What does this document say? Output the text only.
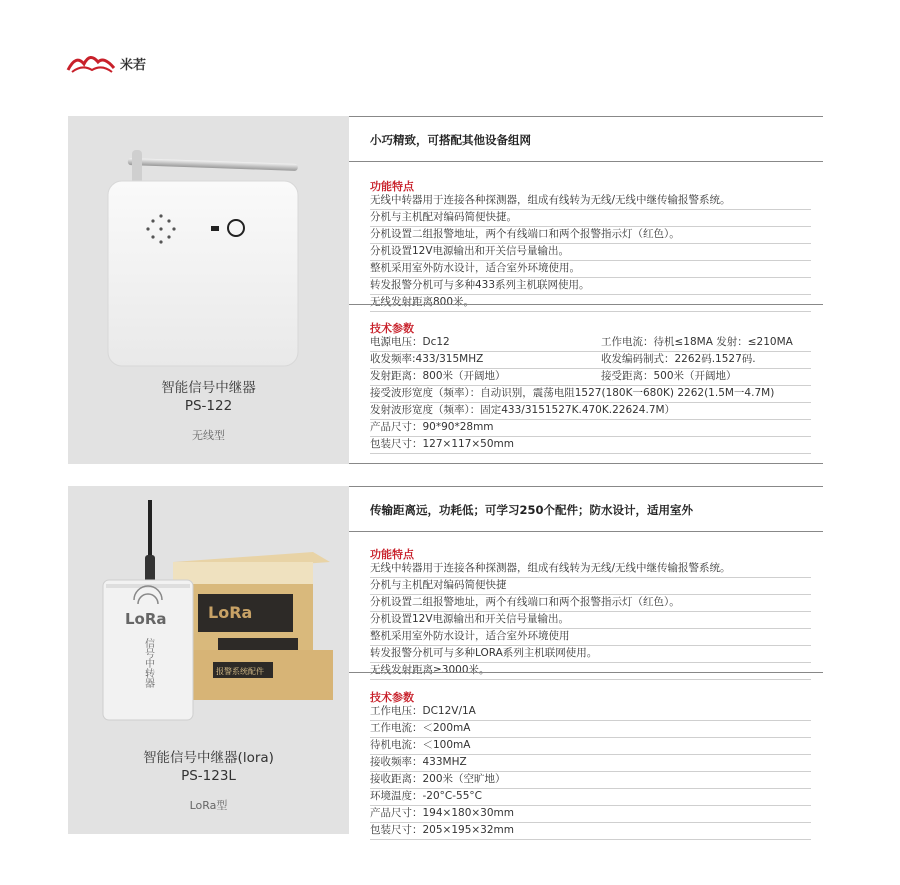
米若
智能信号中继器
PS-122
无线型
小巧精致，可搭配其他设备组网
功能特点
无线中转器用于连接各种探测器，组成有线转为无线/无线中继传输报警系统。
分机与主机配对编码简便快捷。
分机设置二组报警地址，两个有线端口和两个报警指示灯（红色）。
分机设置12V电源输出和开关信号量输出。
整机采用室外防水设计，适合室外环境使用。
转发报警分机可与多种433系列主机联网使用。
无线发射距离800米。
技术参数
电源电压：Dc12	工作电流：待机≤18MA 发射：≤210MA
收发频率:433/315MHZ	收发编码制式：2262码.1527码.
发射距离：800米（开阔地）	接受距离：500米（开阔地）
接受波形宽度（频率）：自动识别，震荡电阻1527(180K一680K) 2262(1.5M一4.7M)
发射波形宽度（频率）：固定433/3151527K.470K.22624.7M）
产品尺寸：90*90*28mm
包装尺寸：127×117×50mm
LoRa
报警系统配件
LoRa
信号中转器
智能信号中继器(lora)
PS-123L
LoRa型
传输距离远，功耗低；可学习250个配件；防水设计，适用室外
功能特点
无线中转器用于连接各种探测器，组成有线转为无线/无线中继传输报警系统。
分机与主机配对编码简便快捷
分机设置二组报警地址，两个有线端口和两个报警指示灯（红色）。
分机设置12V电源输出和开关信号量输出。
整机采用室外防水设计，适合室外环境使用
转发报警分机可与多种LORA系列主机联网使用。
无线发射距离≥3000米。
技术参数
工作电压：DC12V/1A
工作电流：＜200mA
待机电流：＜100mA
接收频率：433MHZ
接收距离：200米（空旷地）
环境温度：-20°C-55°C
产品尺寸：194×180×30mm
包装尺寸：205×195×32mm
